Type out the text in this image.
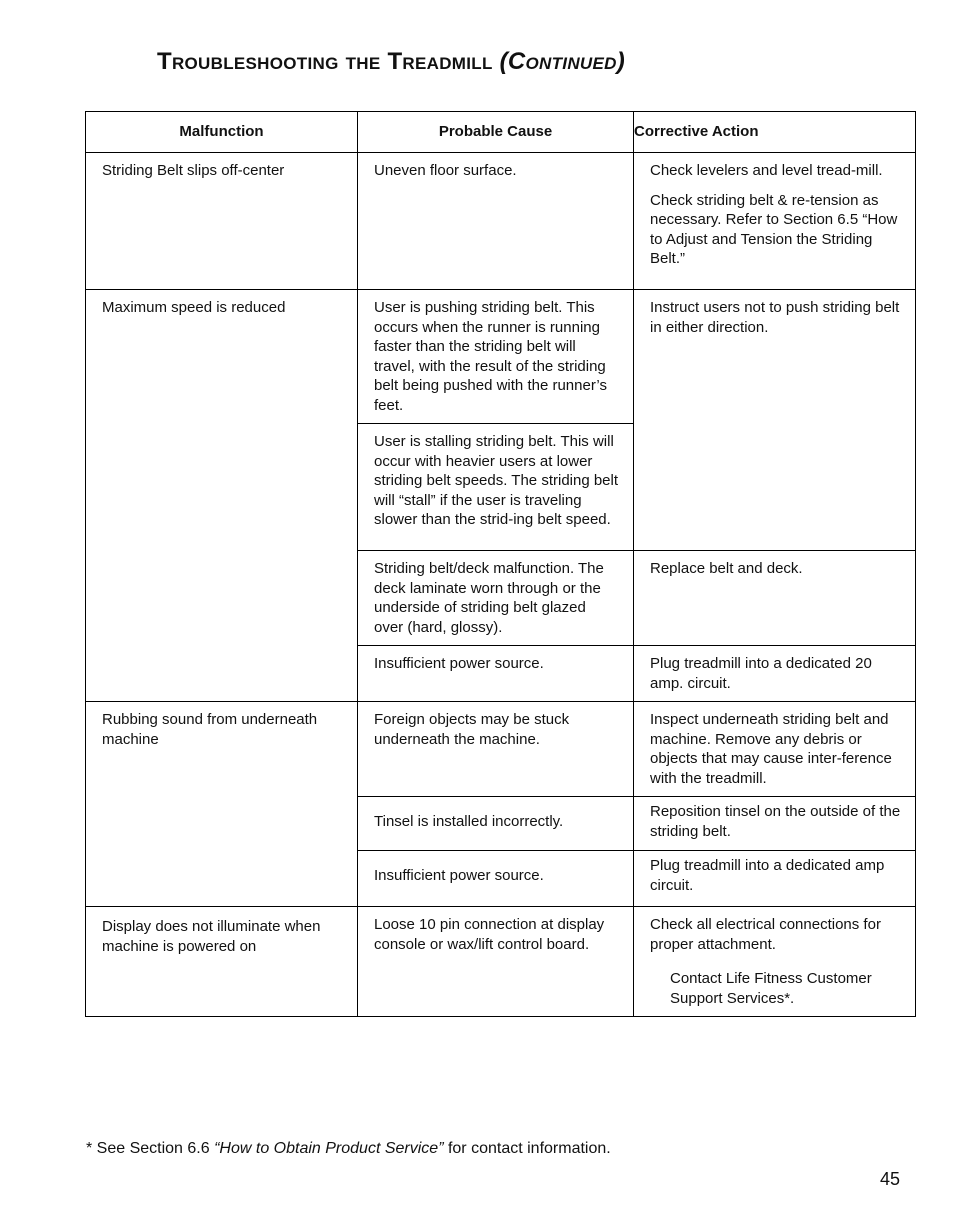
Troubleshooting the Treadmill (Continued)
Malfunction	Probable Cause	Corrective Action

Striding Belt slips off-center	Uneven floor surface.	Check levelers and level tread-mill.

Check striding belt & re-tension as necessary. Refer to Section 6.5 “How to Adjust and Tension the Striding Belt.”

Maximum speed is reduced	User is pushing striding belt. This occurs when the runner is running faster than the striding belt will travel, with the result of the striding belt being pushed with the runner’s feet.	Instruct users not to push striding belt in either direction.

	User is stalling striding belt. This will occur with heavier users at lower striding belt speeds. The striding belt will “stall” if the user is traveling slower than the strid-ing belt speed.	

	Striding belt/deck malfunction. The deck laminate worn through or the underside of striding belt glazed over (hard, glossy).	Replace belt and deck.

	Insufficient power source.	Plug treadmill into a dedicated 20 amp. circuit.

Rubbing sound from underneath machine	Foreign objects may be stuck underneath the machine.	Inspect underneath striding belt and machine. Remove any debris or objects that may cause inter-ference with the treadmill.

	Tinsel is installed incorrectly.	Reposition tinsel on the outside of the striding belt.

	Insufficient power source.	Plug treadmill into a dedicated amp circuit.

Display does not illuminate when machine is powered on	Loose 10 pin connection at display console or wax/lift control board.	Check all electrical connections for proper attachment.

Contact Life Fitness Customer Support Services*.

* See Section 6.6 “How to Obtain Product Service” for contact information.

45
